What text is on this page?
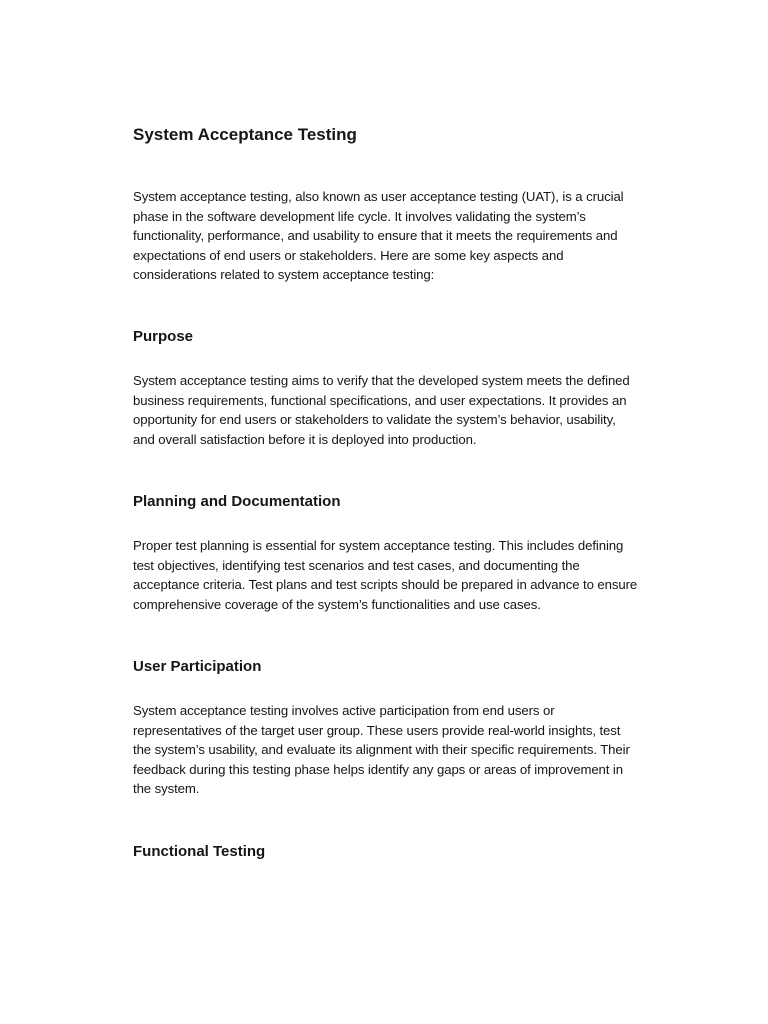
System Acceptance Testing

System acceptance testing, also known as user acceptance testing (UAT), is a crucial phase in the software development life cycle. It involves validating the system’s functionality, performance, and usability to ensure that it meets the requirements and expectations of end users or stakeholders. Here are some key aspects and considerations related to system acceptance testing:

Purpose

System acceptance testing aims to verify that the developed system meets the defined business requirements, functional specifications, and user expectations. It provides an opportunity for end users or stakeholders to validate the system’s behavior, usability, and overall satisfaction before it is deployed into production.

Planning and Documentation

Proper test planning is essential for system acceptance testing. This includes defining test objectives, identifying test scenarios and test cases, and documenting the acceptance criteria. Test plans and test scripts should be prepared in advance to ensure comprehensive coverage of the system’s functionalities and use cases.

User Participation

System acceptance testing involves active participation from end users or representatives of the target user group. These users provide real-world insights, test the system’s usability, and evaluate its alignment with their specific requirements. Their feedback during this testing phase helps identify any gaps or areas of improvement in the system.

Functional Testing
